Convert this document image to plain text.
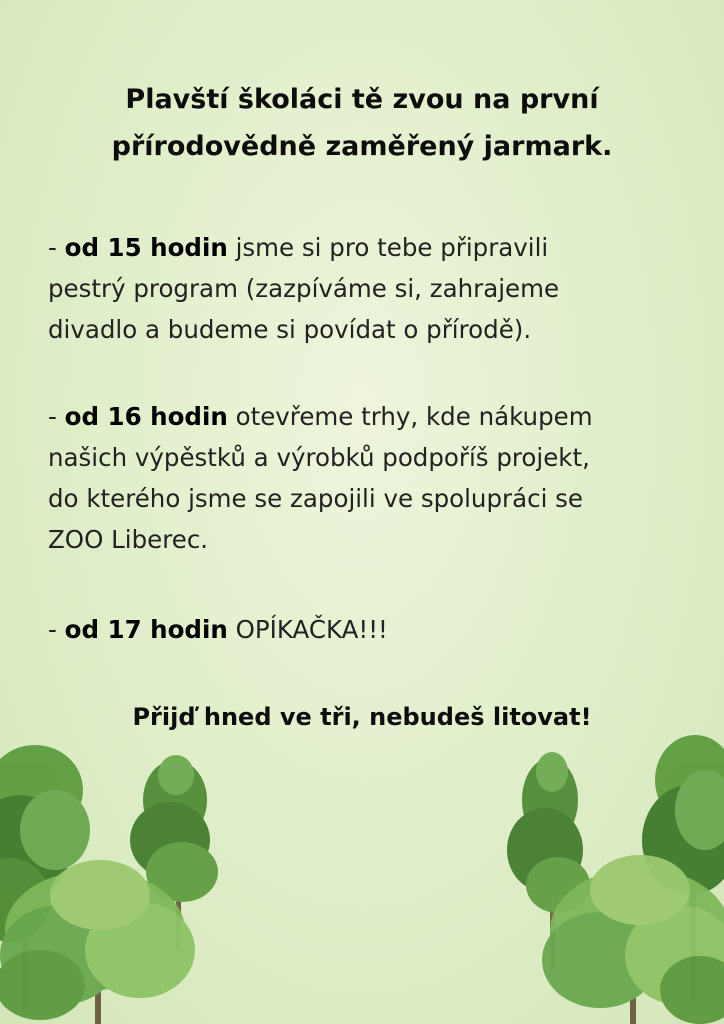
Plavští školáci tě zvou na první
přírodovědně zaměřený jarmark.
- od 15 hodin jsme si pro tebe připravili
pestrý program (zazpíváme si, zahrajeme
divadlo a budeme si povídat o přírodě).
- od 16 hodin otevřeme trhy, kde nákupem
našich výpěstků a výrobků podpoříš projekt,
do kterého jsme se zapojili ve spolupráci se
ZOO Liberec.
- od 17 hodin OPÍKAČKA!!!
Přijď hned ve tři, nebudeš litovat!
